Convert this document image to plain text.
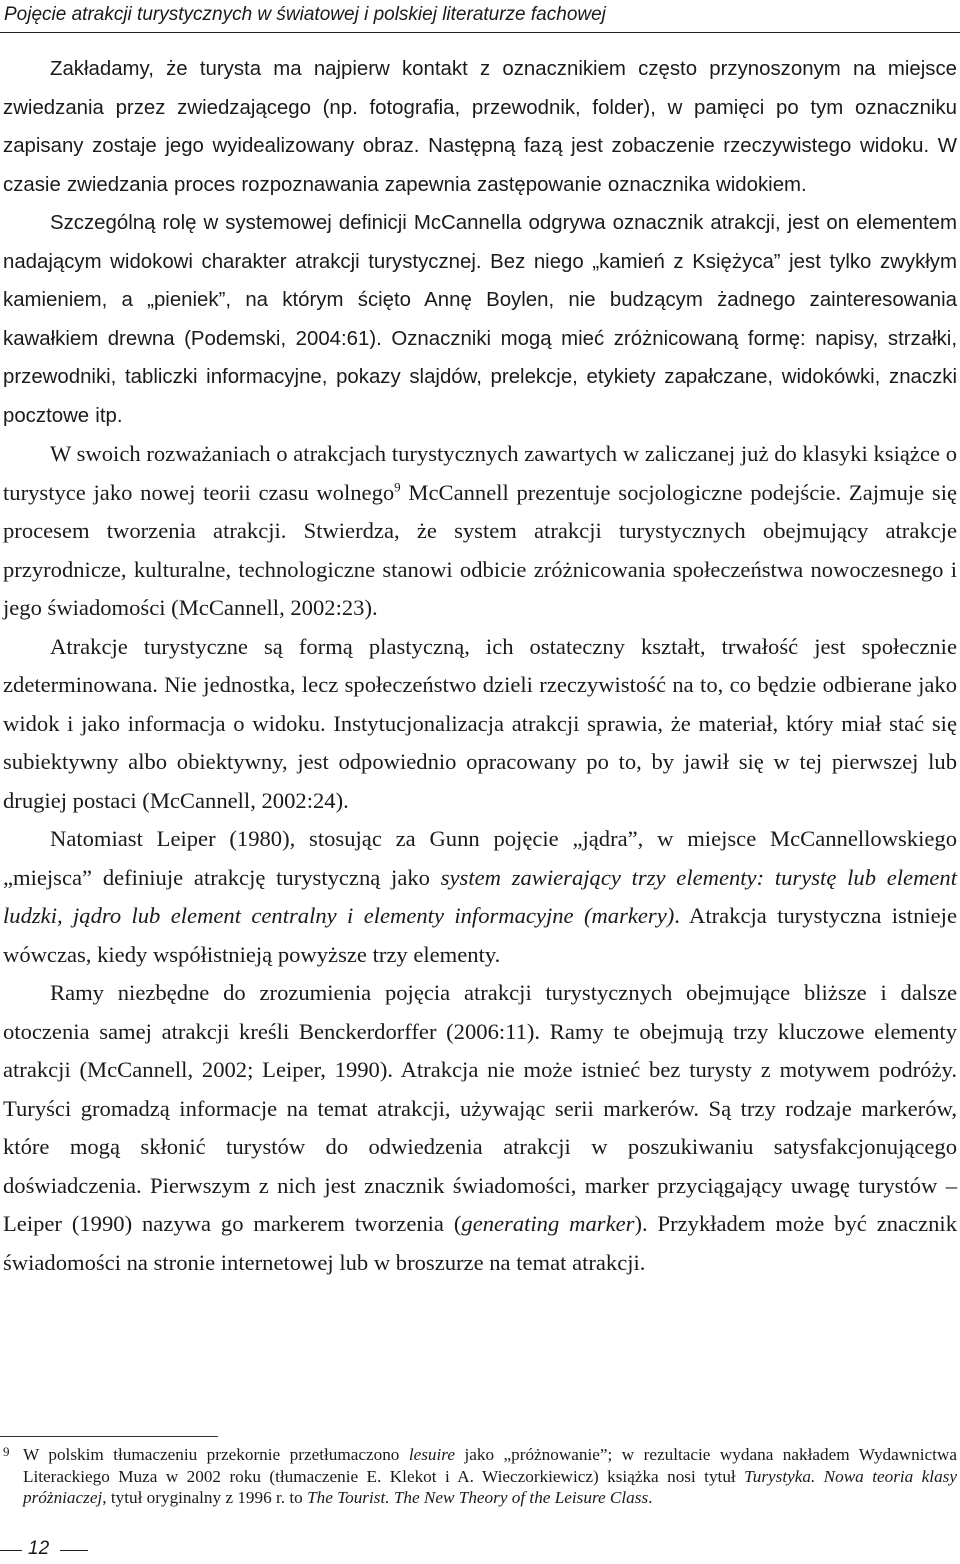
Pojęcie atrakcji turystycznych w światowej i polskiej literaturze fachowej

Zakładamy, że turysta ma najpierw kontakt z oznacznikiem często przynoszonym na miejsce zwiedzania przez zwiedzającego (np. fotografia, przewodnik, folder), w pamięci po tym oznaczniku zapisany zostaje jego wyidealizowany obraz. Następną fazą jest zobaczenie rzeczywistego widoku. W czasie zwiedzania proces rozpoznawania zapewnia zastępowanie oznacznika widokiem.

Szczególną rolę w systemowej definicji McCannella odgrywa oznacznik atrakcji, jest on elementem nadającym widokowi charakter atrakcji turystycznej. Bez niego „kamień z Księżyca” jest tylko zwykłym kamieniem, a „pieniek”, na którym ścięto Annę Boylen, nie budzącym żadnego zainteresowania kawałkiem drewna (Podemski, 2004:61). Oznaczniki mogą mieć zróżnicowaną formę: napisy, strzałki, przewodniki, tabliczki informacyjne, pokazy slajdów, prelekcje, etykiety zapałczane, widokówki, znaczki pocztowe itp.

W swoich rozważaniach o atrakcjach turystycznych zawartych w zaliczanej już do klasyki książce o turystyce jako nowej teorii czasu wolnego$^9$ McCannell prezentuje socjologiczne podejście. Zajmuje się procesem tworzenia atrakcji. Stwierdza, że system atrakcji turystycznych obejmujący atrakcje przyrodnicze, kulturalne, technologiczne stanowi odbicie zróżnicowania społeczeństwa nowoczesnego i jego świadomości (McCannell, 2002:23).

Atrakcje turystyczne są formą plastyczną, ich ostateczny kształt, trwałość jest społecznie zdeterminowana. Nie jednostka, lecz społeczeństwo dzieli rzeczywistość na to, co będzie odbierane jako widok i jako informacja o widoku. Instytucjonalizacja atrakcji sprawia, że materiał, który miał stać się subiektywny albo obiektywny, jest odpowiednio opracowany po to, by jawił się w tej pierwszej lub drugiej postaci (McCannell, 2002:24).

Natomiast Leiper (1980), stosując za Gunn pojęcie „jądra”, w miejsce McCannellowskiego „miejsca” definiuje atrakcję turystyczną jako system zawierający trzy elementy: turystę lub element ludzki, jądro lub element centralny i elementy informacyjne (markery). Atrakcja turystyczna istnieje wówczas, kiedy współistnieją powyższe trzy elementy.

Ramy niezbędne do zrozumienia pojęcia atrakcji turystycznych obejmujące bliższe i dalsze otoczenia samej atrakcji kreśli Benckerdorffer (2006:11). Ramy te obejmują trzy kluczowe elementy atrakcji (McCannell, 2002; Leiper, 1990). Atrakcja nie może istnieć bez turysty z motywem podróży. Turyści gromadzą informacje na temat atrakcji, używając serii markerów. Są trzy rodzaje markerów, które mogą skłonić turystów do odwiedzenia atrakcji w poszukiwaniu satysfakcjonującego doświadczenia. Pierwszym z nich jest znacznik świadomości, marker przyciągający uwagę turystów – Leiper (1990) nazywa go markerem tworzenia (generating marker). Przykładem może być znacznik świadomości na stronie internetowej lub w broszurze na temat atrakcji.

9 W polskim tłumaczeniu przekornie przetłumaczono lesuire jako „próżnowanie”; w rezultacie wydana nakładem Wydawnictwa Literackiego Muza w 2002 roku (tłumaczenie E. Klekot i A. Wieczorkiewicz) książka nosi tytuł Turystyka. Nowa teoria klasy próżniaczej, tytuł oryginalny z 1996 r. to The Tourist. The New Theory of the Leisure Class.
12
